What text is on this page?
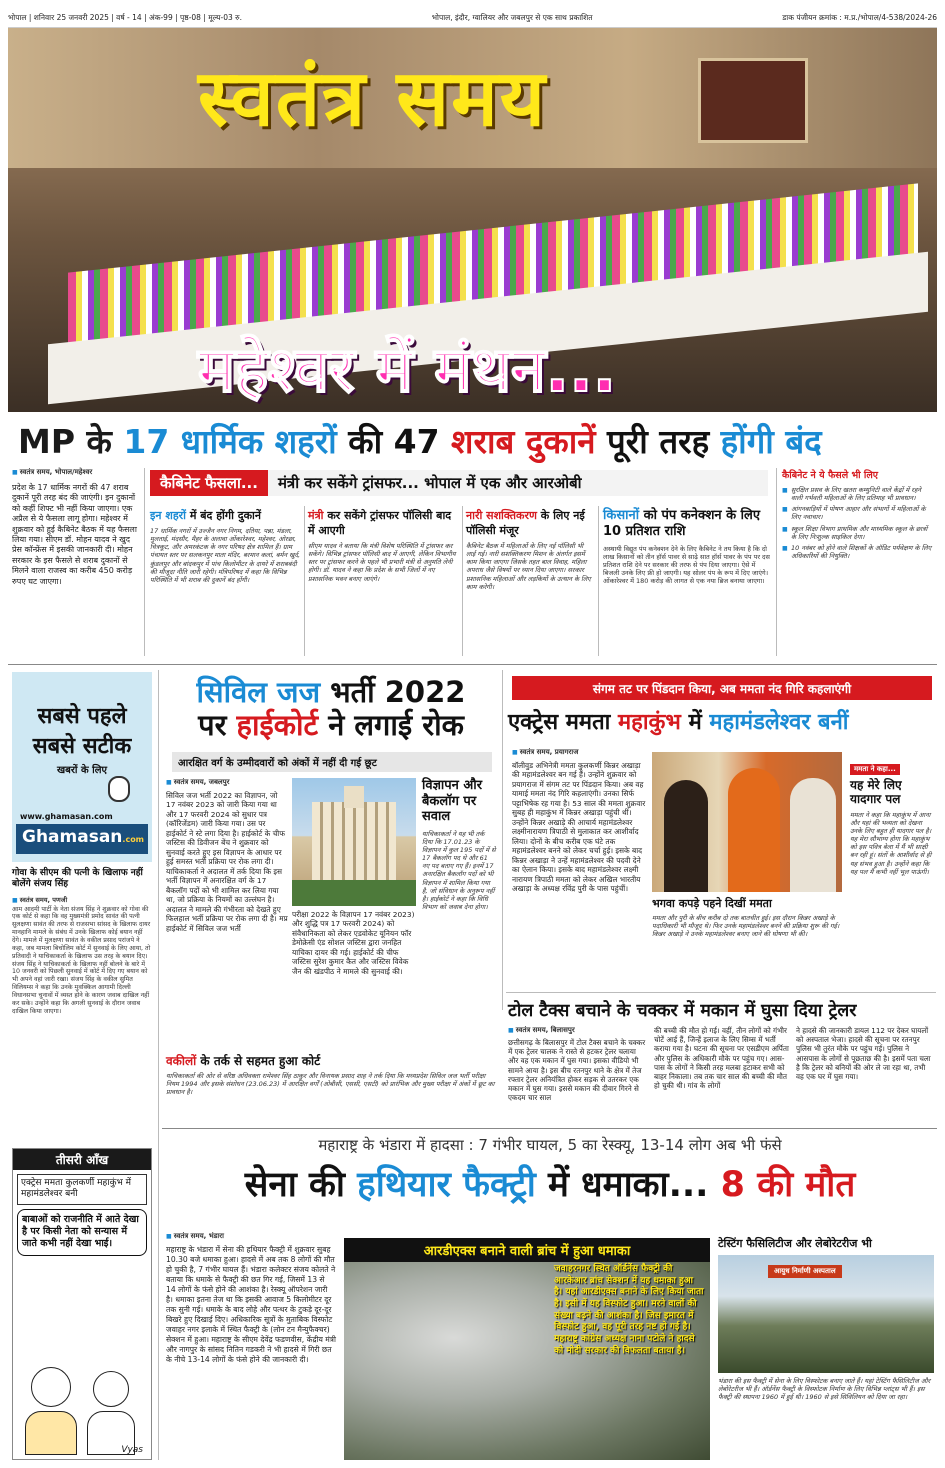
भोपाल | शनिवार 25 जनवरी 2025 | वर्ष - 14 | अंक-99 | पृष्ठ-08 | मूल्य-03 रु.	भोपाल, इंदौर, ग्वालियर और जबलपुर से एक साथ प्रकाशित	डाक पंजीयन क्रमांक : म.प्र./भोपाल/4-538/2024-26
स्वतंत्र समय
महेश्वर में मंथन...
MP के 17 धार्मिक शहरों की 47 शराब दुकानें पूरी तरह होंगी बंद
■ स्वतंत्र समय, भोपाल/महेश्वर
प्रदेश के 17 धार्मिक नगरों की 47 शराब दुकानें पूरी तरह बंद की जाएंगी। इन दुकानों को कहीं शिफ्ट भी नहीं किया जाएगा। एक अप्रैल से ये फैसला लागू होगा। महेश्वर में शुक्रवार को हुई कैबिनेट बैठक में यह फैसला लिया गया। सीएम डॉ. मोहन यादव ने खुद प्रेस कॉन्फ्रेंस में इसकी जानकारी दी। मोहन सरकार के इस फैसले से शराब दुकानों से मिलने वाला राजस्व का करीब 450 करोड़ रुपए घट जाएगा।
कैबिनेट फैसला...	मंत्री कर सकेंगे ट्रांसफर... भोपाल में एक और आरओबी
इन शहरों में बंद होंगी दुकानें
17 धार्मिक नगरों में उज्जैन नगर निगम, दतिया, पन्ना, मंडला, मुलताई, मंदसौर, मैहर के अलावा ओंकारेश्वर, महेश्वर, ओरछा, चित्रकूट, और अमरकंटक के नगर परिषद क्षेत्र शामिल हैं। ग्राम पंचायत स्तर पर सलकनपुर माता मंदिर, बरमान कलां, बर्मन खुर्द, कुंडलपुर और बांदकपुर में पांच किलोमीटर के दायरे में शराबबंदी की मौजूदा नीति जारी रहेगी। मंत्रिपरिषद में कहा कि विभिन्न परिस्थिति में भी शराब की दुकानें बंद होंगी।
मंत्री कर सकेंगे ट्रांसफर पॉलिसी बाद में आएगी
सीएम यादव ने बताया कि मंत्री विशेष परिस्थिति में ट्रांसफर कर सकेंगे। विभिन्न ट्रांसफर पॉलिसी बाद में आएगी, लेकिन विभागीय स्तर पर ट्रांसफर करने के पहले भी प्रभारी मंत्री से अनुमति लेनी होगी। डॉ. यादव ने कहा कि प्रदेश के सभी जिलों में नए प्रशासनिक भवन बनाए जाएंगे।
नारी सशक्तिकरण के लिए नई पॉलिसी मंजूर
कैबिनेट बैठक में महिलाओं के लिए नई पॉलिसी भी लाई गई। नारी सशक्तिकरण मिशन के अंतर्गत इसमें काम किया जाएगा जिसके तहत बाल विवाह, महिला अपराध जैसे विषयों पर ध्यान दिया जाएगा। सरकार प्रशासनिक महिलाओं और लड़कियों के उत्थान के लिए काम करेगी।
किसानों को पंप कनेक्शन के लिए 10 प्रतिशत राशि
अस्थायी विद्युत पंप कनेक्शन देने के लिए कैबिनेट ने तय किया है कि दो लाख किसानों को तीन हॉर्स पावर से साढ़े सात हॉर्स पावर के पंप पर दस प्रतिशत राशि देने पर सरकार की तरफ से पंप दिया जाएगा। ऐसे में बिजली उनके लिए फ्री हो जाएगी। यह सोलर पंप के रूप में दिए जाएंगे। ओंकारेश्वर में 180 करोड़ की लागत से एक नया ब्रिज बनाया जाएगा।
कैबिनेट ने ये फैसले भी लिए
■ सुरक्षित प्रसव के लिए खतरा कम्युनिटी वाले केंद्रों में रहने वाली गर्भवती महिलाओं के लिए प्रतिमाह भी प्रावधान।
■ आंगनबाड़ियों में पोषण आहार और संभागों में महिलाओं के लिए नवाचार।
■ स्कूल शिक्षा विभाग प्राथमिक और माध्यमिक स्कूल के छात्रों के लिए निःशुल्क साइकिल देगा।
■ 10 नवंबर को होने वाले शिक्षकों के ऑडिट पर्यवेक्षण के लिए अधिकारियों की नियुक्ति।
सबसे पहले
सबसे सटीक
खबरों के लिए
www.ghamasan.com
Ghamasan.com
गोवा के सीएम की पत्नी के खिलाफ नहीं बोलेंगे संजय सिंह
■ स्वतंत्र समय, पणजी
आम आदमी पार्टी के नेता संजय सिंह ने शुक्रवार को गोवा की एक कोर्ट से कहा कि वह मुख्यमंत्री प्रमोद सावंत की पत्नी सुलक्षणा सावंत की तरफ से राजसभा सांसद के खिलाफ दायर मानहानि मामले के संबंध में उनके खिलाफ कोई बयान नहीं देंगे। मामले में मुलक्षणा सावंत के वकील प्रसाद परांजपे ने कहा, जब मामला बिचोलिम कोर्ट में सुनवाई के लिए आया, तो प्रतिवादी ने याचिकाकर्ता के खिलाफ उस तरह के बयान दिए। संजय सिंह ने याचिकाकर्ता के खिलाफ नहीं बोलने के बारे में 10 जनवरी को पिछली सुनवाई में कोर्ट में दिए गए बयान को भी अपने वहां जारी रखा। संजय सिंह के वकील सुमित विलियम्स ने कहा कि उनके मुवक्किल आगामी दिल्ली विधानसभा चुनावों में व्यस्त होने के कारण जवाब दाखिल नहीं कर सके। उन्होंने कहा कि अगली सुनवाई के दौरान जवाब दाखिल किया जाएगा।
तीसरी आँख
एक्ट्रेस ममता कुलकर्णी महाकुंभ में महामंडलेश्वर बनी
बाबाओं को राजनीति में आते देखा है पर किसी नेता को सन्यास में जाते कभी नहीं देखा भाई।
Vyas
सिविल जज भर्ती 2022
पर हाईकोर्ट ने लगाई रोक
आरक्षित वर्ग के उम्मीदवारों को अंकों में नहीं दी गई छूट
■ स्वतंत्र समय, जबलपुर
सिविल जज भर्ती 2022 का विज्ञापन, जो 17 नवंबर 2023 को जारी किया गया था और 17 फरवरी 2024 को सुधार पत्र (कॉरिजेंडम) जारी किया गया। उस पर हाईकोर्ट ने स्टे लगा दिया है। हाईकोर्ट के चीफ जस्टिस की डिवीजन बेंच ने शुक्रवार को सुनवाई करते हुए इस विज्ञापन के आधार पर हुई समस्त भर्ती प्रक्रिया पर रोक लगा दी। याचिकाकर्ता ने अदालत में तर्क दिया कि इस भर्ती विज्ञापन में अनारक्षित वर्ग के 17 बैकलॉग पदों को भी शामिल कर लिया गया था, जो प्रक्रिया के नियमों का उल्लंघन है। अदालत ने मामले की गंभीरता को देखते हुए फिलहाल भर्ती प्रक्रिया पर रोक लगा दी है। मप्र हाईकोर्ट में सिविल जज भर्ती
परीक्षा 2022 के विज्ञापन 17 नवंबर 2023) और शुद्धि पत्र 17 फरवरी 2024) को संवैधानिकता को लेकर एडवोकेट यूनियन फॉर डेमोक्रेसी एंड सोशल जस्टिस द्वारा जनहित याचिका दायर की गई। हाईकोर्ट की चीफ जस्टिस सुरेश कुमार कैत और जस्टिस विवेक जैन की खंडपीठ ने मामले की सुनवाई की।
विज्ञापन और बैकलॉग पर सवाल
याचिकाकर्ता ने यह भी तर्क दिया कि 17.01.23 के विज्ञापन में कुल 195 पदों में से 17 बैकलॉग पद थे और 61 नए पद बताए गए हैं। इनमें 17 अनारक्षित बैकलॉग पदों को भी विज्ञापन में शामिल किया गया है, जो संविधान के अनुरूप नहीं है। हाईकोर्ट ने कहा कि विधि विभाग को जवाब देना होगा।
वकीलों के तर्क से सहमत हुआ कोर्ट
याचिकाकर्ता की ओर से वरिष्ठ अधिवक्ता रामेश्वर सिंह ठाकुर और विनायक प्रसाद शाह ने तर्क दिया कि मध्यप्रदेश सिविल जज भर्ती परीक्षा नियम 1994 और इसके संशोधन (23.06.23) में आरक्षित वर्गों (ओबीसी, एससी, एसटी) को प्रारंभिक और मुख्य परीक्षा में अंकों में छूट का प्रावधान है।
संगम तट पर पिंडदान किया, अब ममता नंद गिरि कहलाएंगी
एक्ट्रेस ममता महाकुंभ में महामंडलेश्वर बनीं
■ स्वतंत्र समय, प्रयागराज
बॉलीवुड अभिनेत्री ममता कुलकर्णी किन्नर अखाड़ा की महामंडलेश्वर बन गई हैं। उन्होंने शुक्रवार को प्रयागराज में संगम तट पर पिंडदान किया। अब वह यामाई ममता नंद गिरि कहलाएंगी। उनका सिर्फ पट्टाभिषेक रह गया है। 53 साल की ममता शुक्रवार सुबह ही महाकुंभ में किन्नर अखाड़ा पहुंची थीं। उन्होंने किन्नर अखाड़े की आचार्य महामंडलेश्वर लक्ष्मीनारायण त्रिपाठी से मुलाकात कर आशीर्वाद लिया। दोनों के बीच करीब एक घंटे तक महामंडलेश्वर बनने को लेकर चर्चा हुई। इसके बाद किन्नर अखाड़ा ने उन्हें महामंडलेश्वर की पदवी देने का ऐलान किया। इसके बाद महामंडलेश्वर लक्ष्मी नारायण त्रिपाठी ममता को लेकर अखिल भारतीय अखाड़ा के अध्यक्ष रविंद्र पुरी के पास पहुंचीं।
भगवा कपड़े पहने दिखीं ममता
ममता और पुरी के बीच करीब दो तक बातचीत हुई। इस दौरान किन्नर अखाड़े के पदाधिकारी भी मौजूद थे। फिर उनके महामंडलेश्वर बनने की प्रक्रिया शुरू की गई। किन्नर अखाड़े ने उनके महामंडलेश्वर बनाए जाने की घोषणा भी की।
ममता ने कहा...
यह मेरे लिए यादगार पल
ममता ने कहा कि महाकुंभ में आना और यहां की भव्यता को देखना उनके लिए बहुत ही यादगार पल है। यह मेरा सौभाग्य होगा कि महाकुंभ को इस पवित्र बेला में मैं भी साक्षी बन रही हूं। संतों के आशीर्वाद से ही यह संभव हुआ है। उन्होंने कहा कि यह पल मैं कभी नहीं भूल पाऊंगी।
टोल टैक्स बचाने के चक्कर में मकान में घुसा दिया ट्रेलर
■ स्वतंत्र समय, बिलासपुर
छत्तीसगढ़ के बिलासपुर में टोल टैक्स बचाने के चक्कर में एक ट्रेलर चालक ने रास्ते से हटकर ट्रेलर चलाया और वह एक मकान में घुस गया। इसका वीडियो भी सामने आया है। इस बीच रतनपुर थाने के क्षेत्र में तेज रफ्तार ट्रेलर अनियंत्रित होकर सड़क से उतरकर एक मकान में घुस गया। इससे मकान की दीवार गिरने से एकदम चार साल
की बच्ची की मौत हो गई। वहीं, तीन लोगों को गंभीर चोटें आई हैं, जिन्हें इलाज के लिए सिम्स में भर्ती कराया गया है। घटना की सूचना पर एसडीएम अर्पिता और पुलिस के अधिकारी मौके पर पहुंच गए। आस-पास के लोगों ने किसी तरह मलबा हटाकर सभी को बाहर निकाला। तब तक चार साल की बच्ची की मौत हो चुकी थी। गांव के लोगों
ने हादसे की जानकारी डायल 112 पर देकर घायलों को अस्पताल भेजा। हादसे की सूचना पर रतनपुर पुलिस भी तुरंत मौके पर पहुंच गई। पुलिस ने आसपास के लोगों से पूछताछ की है। इसमें पता चला है कि ट्रेलर को बनियों की ओर ले जा रहा था, तभी वह एक घर में घुस गया।
महाराष्ट्र के भंडारा में हादसा : 7 गंभीर घायल, 5 का रेस्क्यू, 13-14 लोग अब भी फंसे
सेना की हथियार फैक्ट्री में धमाका... 8 की मौत
■ स्वतंत्र समय, भंडारा
महाराष्ट्र के भंडारा में सेना की हथियार फैक्ट्री में शुक्रवार सुबह 10.30 बजे धमाका हुआ। हादसे में अब तक 8 लोगों की मौत हो चुकी है, 7 गंभीर घायल हैं। भंडारा कलेक्टर संजय कोलते ने बताया कि धमाके से फैक्ट्री की छत गिर गई, जिसमें 13 से 14 लोगों के फंसे होने की आशंका है। रेस्क्यू ऑपरेशन जारी है। धमाका इतना तेज था कि इसकी आवाज 5 किलोमीटर दूर तक सुनी गई। धमाके के बाद लोहे और पत्थर के टुकड़े दूर-दूर बिखरे हुए दिखाई दिए। अधिकारिक सूत्रों के मुताबिक विस्फोट जवाहर नगर इलाके में स्थित फैक्ट्री के (लोन टन मैन्युफैक्चर) सेक्शन में हुआ। महाराष्ट्र के सीएम देवेंद्र फडणवीस, केंद्रीय मंत्री और नागपुर के सांसद नितिन गडकरी ने भी हादसे में गिरी छत के नीचे 13-14 लोगों के फंसे होने की जानकारी दी।
आरडीएक्स बनाने वाली ब्रांच में हुआ धमाका
जवाहरनगर स्थित ऑर्डनेंस फैक्ट्री की आरकेआर ब्रांच सेक्शन में यह धमाका हुआ है। यहां आरडीएक्स बनाने के लिए किया जाता है। इसी में यह विस्फोट हुआ। मरने वालों की संख्या बढ़ने की आशंका है। जिस इमारत में विस्फोट हुआ, वह पूरी तरह नष्ट हो गई है। महाराष्ट्र कांग्रेस अध्यक्ष नाना पटोले ने हादसे को मोदी सरकार की विफलता बताया है।
टेस्टिंग फैसिलिटीज और लेबोरेटरीज भी
आयुध निर्माणी अस्पताल
भंडारा की इस फैक्ट्री में सेना के लिए विस्फोटक बनाए जाते हैं। यहां टेस्टिंग फैसिलिटीज और लेबोरेटरीज भी हैं। ऑर्डनेंस फैक्ट्री के विस्फोटक निर्माण के लिए विभिन्न प्लांट्स भी हैं। इस फैक्ट्री की स्थापना 1960 में हुई थी। 1960 से इसे सिविलियन को दिया जा रहा।
